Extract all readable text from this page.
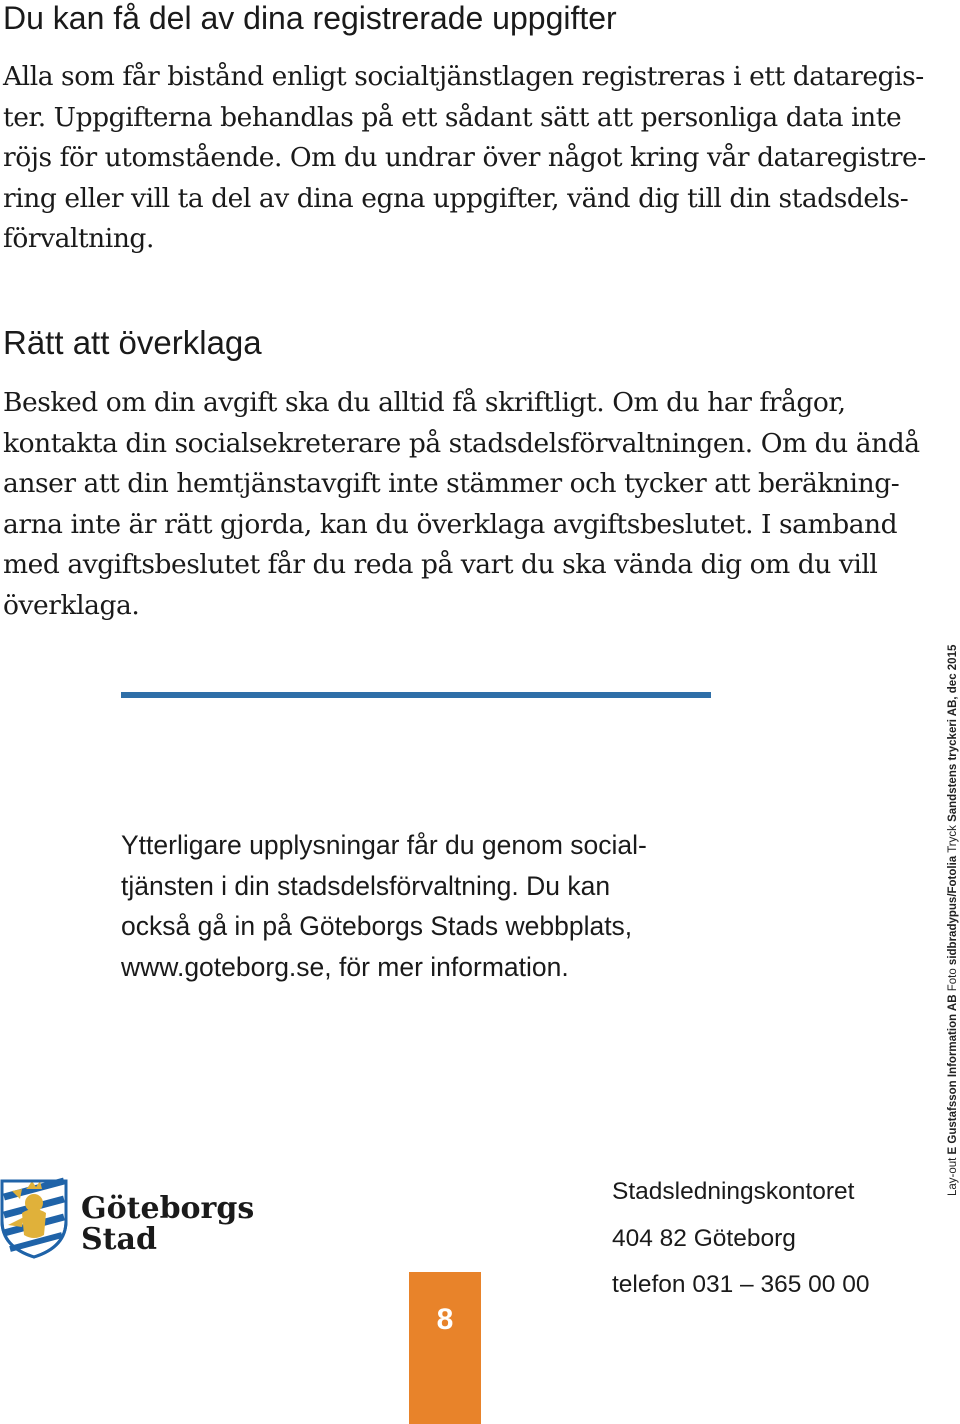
Du kan få del av dina registrerade uppgifter
Alla som får bistånd enligt socialtjänstlagen registreras i ett dataregis-
ter. Uppgifterna behandlas på ett sådant sätt att personliga data inte
röjs för utomstående. Om du undrar över något kring vår dataregistre-
ring eller vill ta del av dina egna uppgifter, vänd dig till din stadsdels-
förvaltning.
Rätt att överklaga
Besked om din avgift ska du alltid få skriftligt. Om du har frågor,
kontakta din socialsekreterare på stadsdelsförvaltningen. Om du ändå
anser att din hemtjänstavgift inte stämmer och tycker att beräkning-
arna inte är rätt gjorda, kan du överklaga avgiftsbeslutet. I samband
med avgiftsbeslutet får du reda på vart du ska vända dig om du vill
överklaga.
Ytterligare upplysningar får du genom social-
tjänsten i din stadsdelsförvaltning. Du kan
också gå in på Göteborgs Stads webbplats,
www.goteborg.se, för mer information.
Göteborgs
Stad
8
Stadsledningskontoret
404 82 Göteborg
telefon 031 – 365 00 00
Lay-out E Gustafsson Information AB Foto sidbradypus/Fotolia Tryck Sandstens tryckeri AB, dec 2015
